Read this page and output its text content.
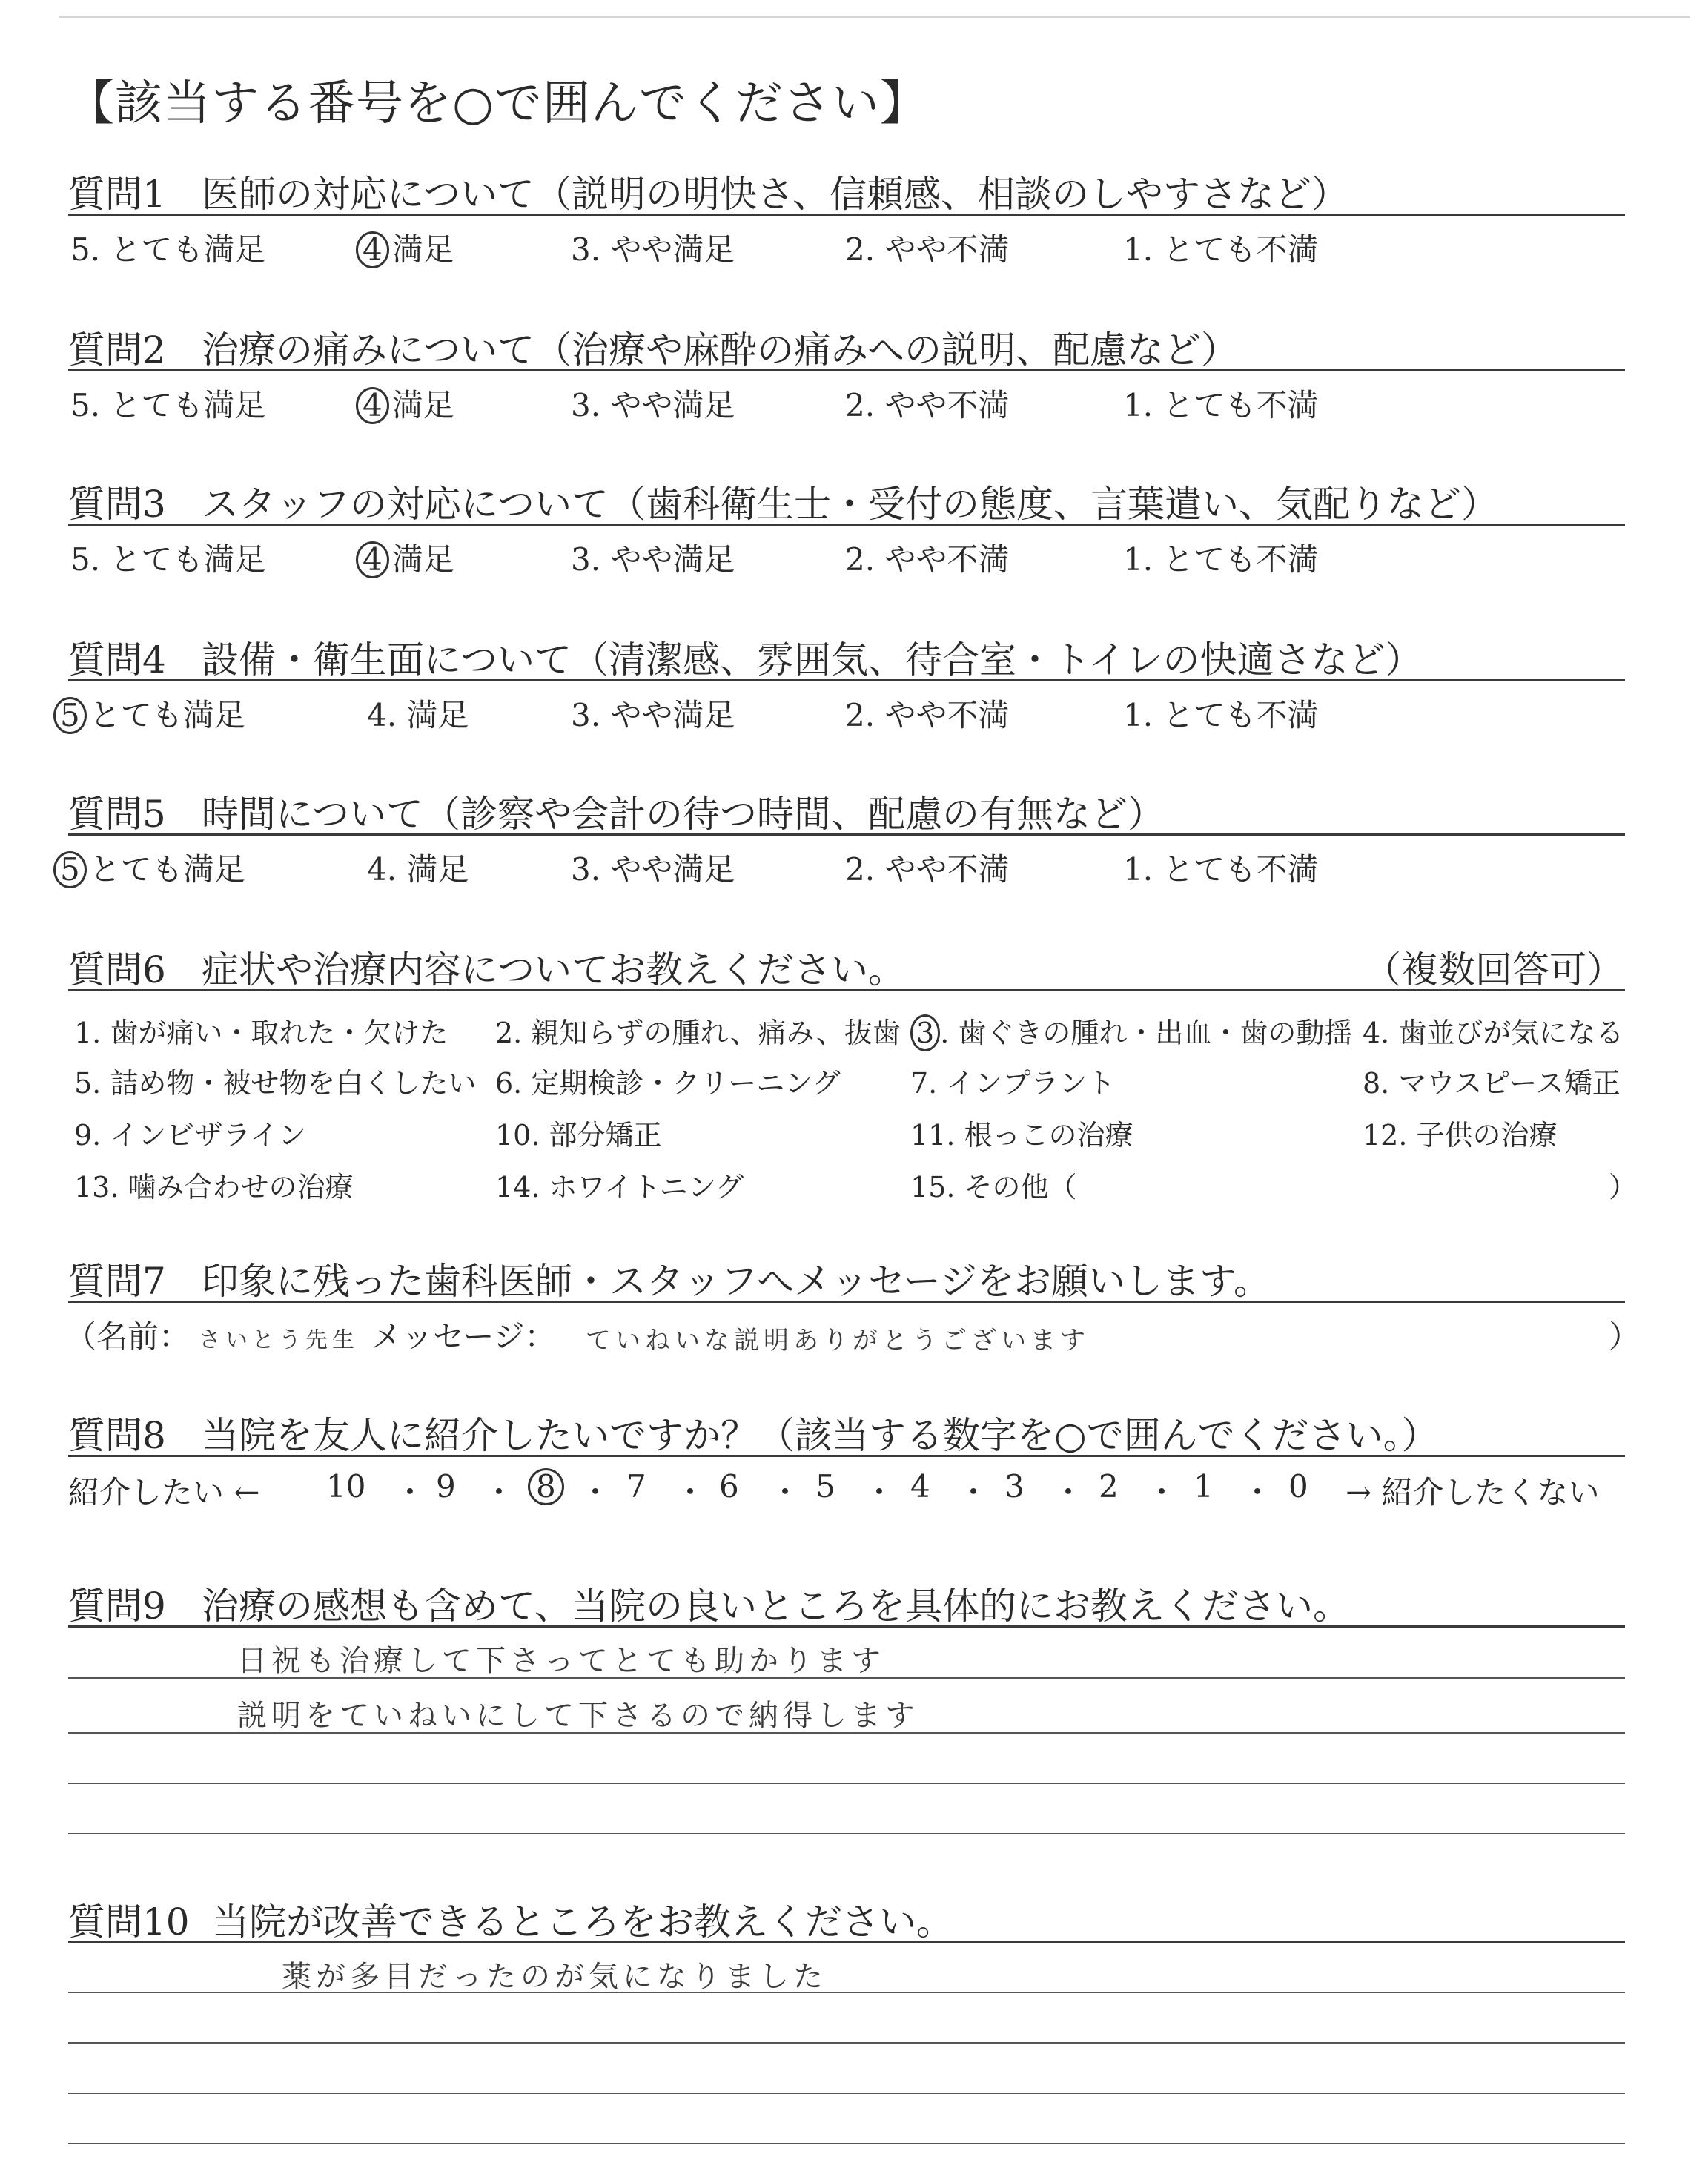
【該当する番号を○で囲んでください】
質問1 医師の対応について（説明の明快さ、信頼感、相談のしやすさなど）
5. とても満足	4 満足	3. やや満足	2. やや不満	1. とても不満
質問2 治療の痛みについて（治療や麻酔の痛みへの説明、配慮など）
5. とても満足	4 満足	3. やや満足	2. やや不満	1. とても不満
質問3 スタッフの対応について（歯科衛生士・受付の態度、言葉遣い、気配りなど）
5. とても満足	4 満足	3. やや満足	2. やや不満	1. とても不満
質問4 設備・衛生面について（清潔感、雰囲気、待合室・トイレの快適さなど）
5 とても満足	4. 満足	3. やや満足	2. やや不満	1. とても不満
質問5 時間について（診察や会計の待つ時間、配慮の有無など）
5 とても満足	4. 満足	3. やや満足	2. やや不満	1. とても不満
質問6 症状や治療内容についてお教えください。	（複数回答可）
1. 歯が痛い・取れた・欠けた 2. 親知らずの腫れ、痛み、抜歯 3 . 歯ぐきの腫れ・出血・歯の動揺 4. 歯並びが気になる
5. 詰め物・被せ物を白くしたい 6. 定期検診・クリーニング 7. インプラント	8. マウスピース矯正
9. インビザライン	10. 部分矯正	11. 根っこの治療	12. 子供の治療
13. 噛み合わせの治療	14. ホワイトニング	15. その他（	）
質問7 印象に残った歯科医師・スタッフへメッセージをお願いします。
（名前： さいとう先生 メッセージ： ていねいな説明ありがとうございます	）
質問8 当院を友人に紹介したいですか？（該当する数字を○で囲んでください。）
紹介したい ← 10 ・ 9 ・ 8 ・ 7 ・ 6 ・ 5 ・ 4 ・ 3 ・ 2 ・ 1 ・ 0 → 紹介したくない
質問9 治療の感想も含めて、当院の良いところを具体的にお教えください。
日祝も治療して下さってとても助かります
説明をていねいにして下さるので納得します
質問10 当院が改善できるところをお教えください。
薬が多目だったのが気になりました
